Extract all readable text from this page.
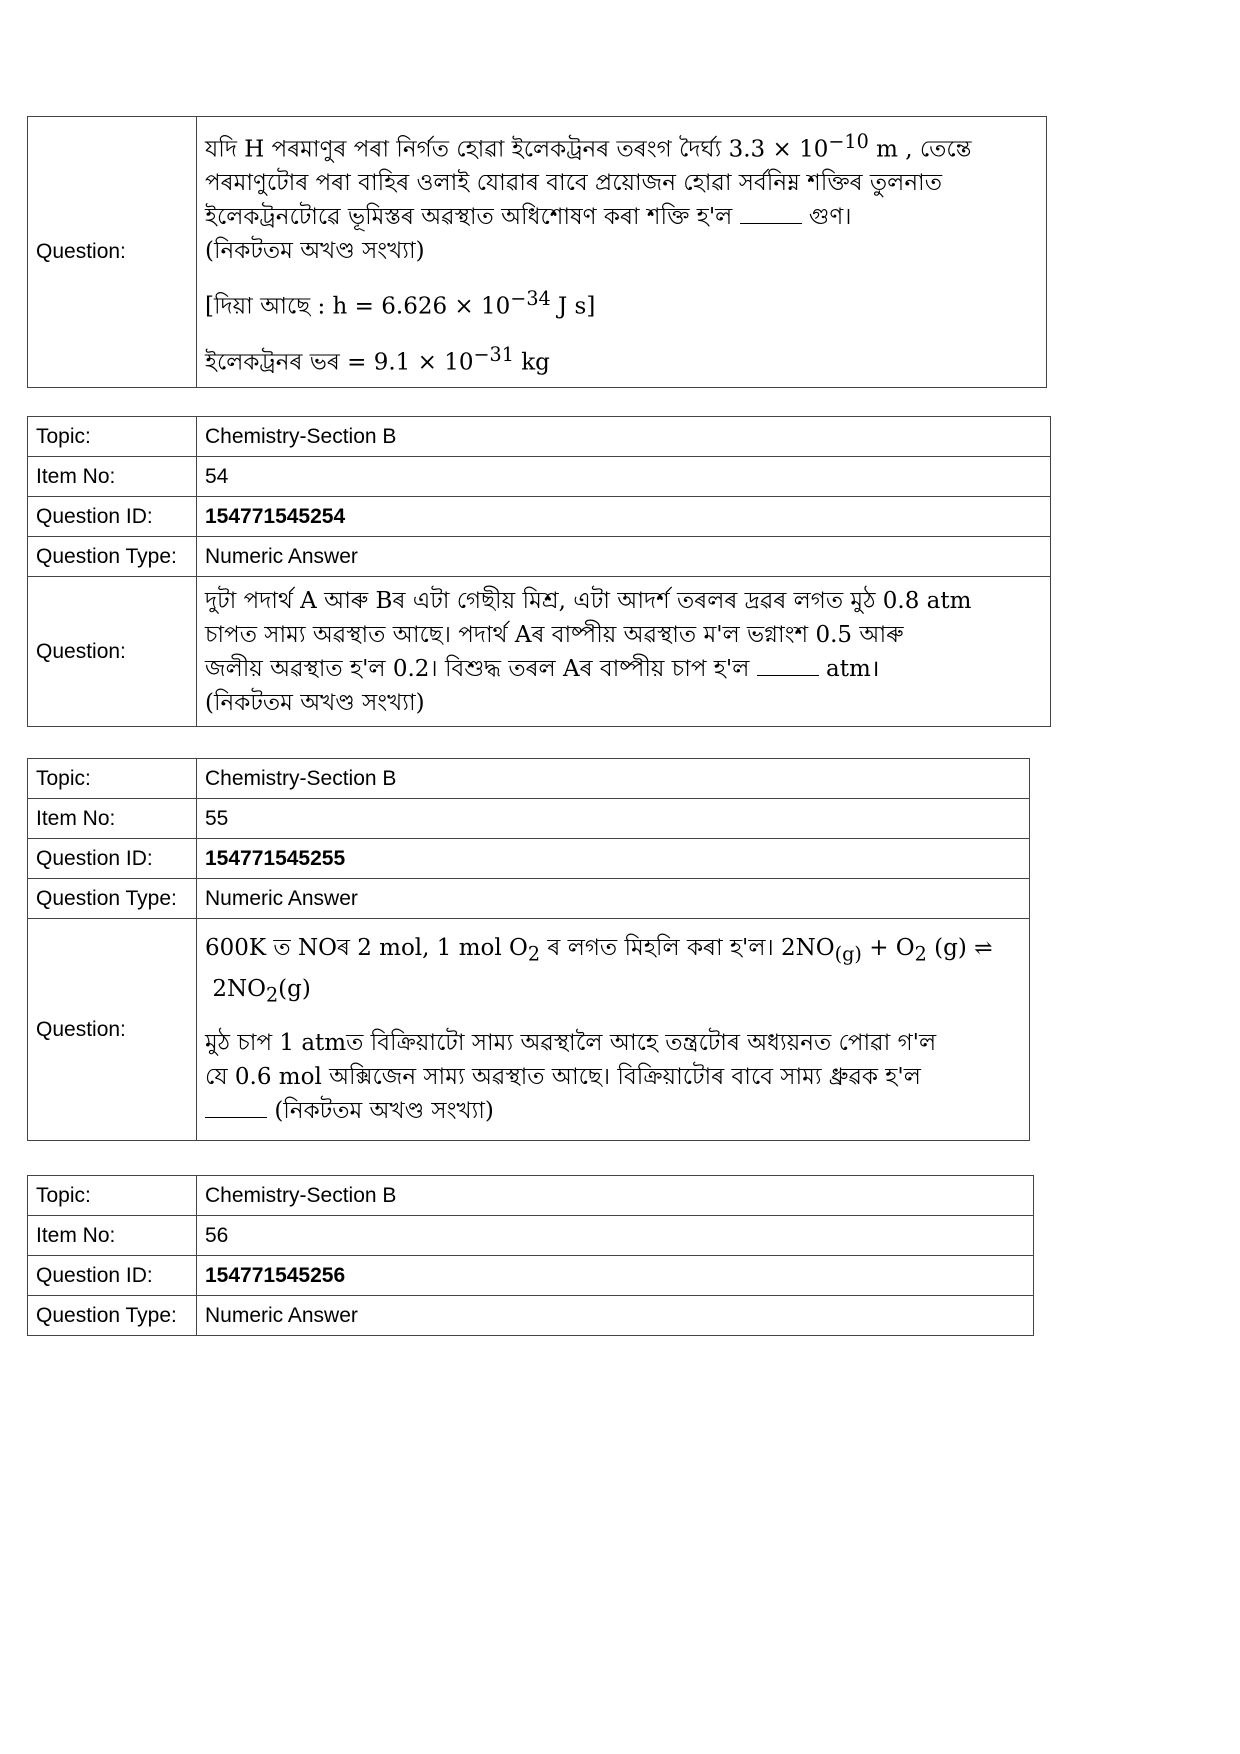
Question:	

যদি H পৰমাণুৰ পৰা নিৰ্গত হোৱা ইলেকট্ৰনৰ তৰংগ দৈৰ্ঘ্য $3.3 \times 10^{-10}$ m , তেন্তে

পৰমাণুটোৰ পৰা বাহিৰ ওলাই যোৱাৰ বাবে প্ৰয়োজন হোৱা সৰ্বনিম্ন শক্তিৰ তুলনাত

ইলেকট্ৰনটোৱে ভূমিস্তৰ অৱস্থাত অধিশোষণ কৰা শক্তি হ'ল	গুণ।

(নিকটতম অখণ্ড সংখ্যা)

[দিয়া আছে : $h = 6.626 \times 10^{-34}$ J s]

ইলেকট্ৰনৰ ভৰ = $9.1 \times 10^{-31}$ kg

Topic:	Chemistry-Section B
Item No:	54
Question ID:	154771545254
Question Type:	Numeric Answer
Question:	দুটা পদাৰ্থ A আৰু Bৰ এটা গেছীয় মিশ্ৰ, এটা আদৰ্শ তৰলৰ দ্ৰৱৰ লগত মুঠ 0.8 atm

চাপত সাম্য অৱস্থাত আছে। পদাৰ্থ Aৰ বাষ্পীয় অৱস্থাত ম'ল ভগ্নাংশ 0.5 আৰু

জলীয় অৱস্থাত হ'ল 0.2। বিশুদ্ধ তৰল Aৰ বাষ্পীয় চাপ হ'ল atm।

(নিকটতম অখণ্ড সংখ্যা)

Topic:	Chemistry-Section B
Item No:	55
Question ID:	154771545255
Question Type:	Numeric Answer
Question:	600K ত NOৰ 2 mol, 1 mol $O_2$ ৰ লগত মিহলি কৰা হ'ল। $2NO_{(g)} + O_2$ (g) ⇌

$2NO_2(g)$

মুঠ চাপ 1 atmত বিক্ৰিয়াটো সাম্য অৱস্থালৈ আহে তন্ত্ৰটোৰ অধ্যয়নত পোৱা গ'ল

যে 0.6 mol অক্সিজেন সাম্য অৱস্থাত আছে। বিক্ৰিয়াটোৰ বাবে সাম্য ধ্ৰুৱক হ'ল

(নিকটতম অখণ্ড সংখ্যা)

Topic:	Chemistry-Section B
Item No:	56
Question ID:	154771545256
Question Type:	Numeric Answer
